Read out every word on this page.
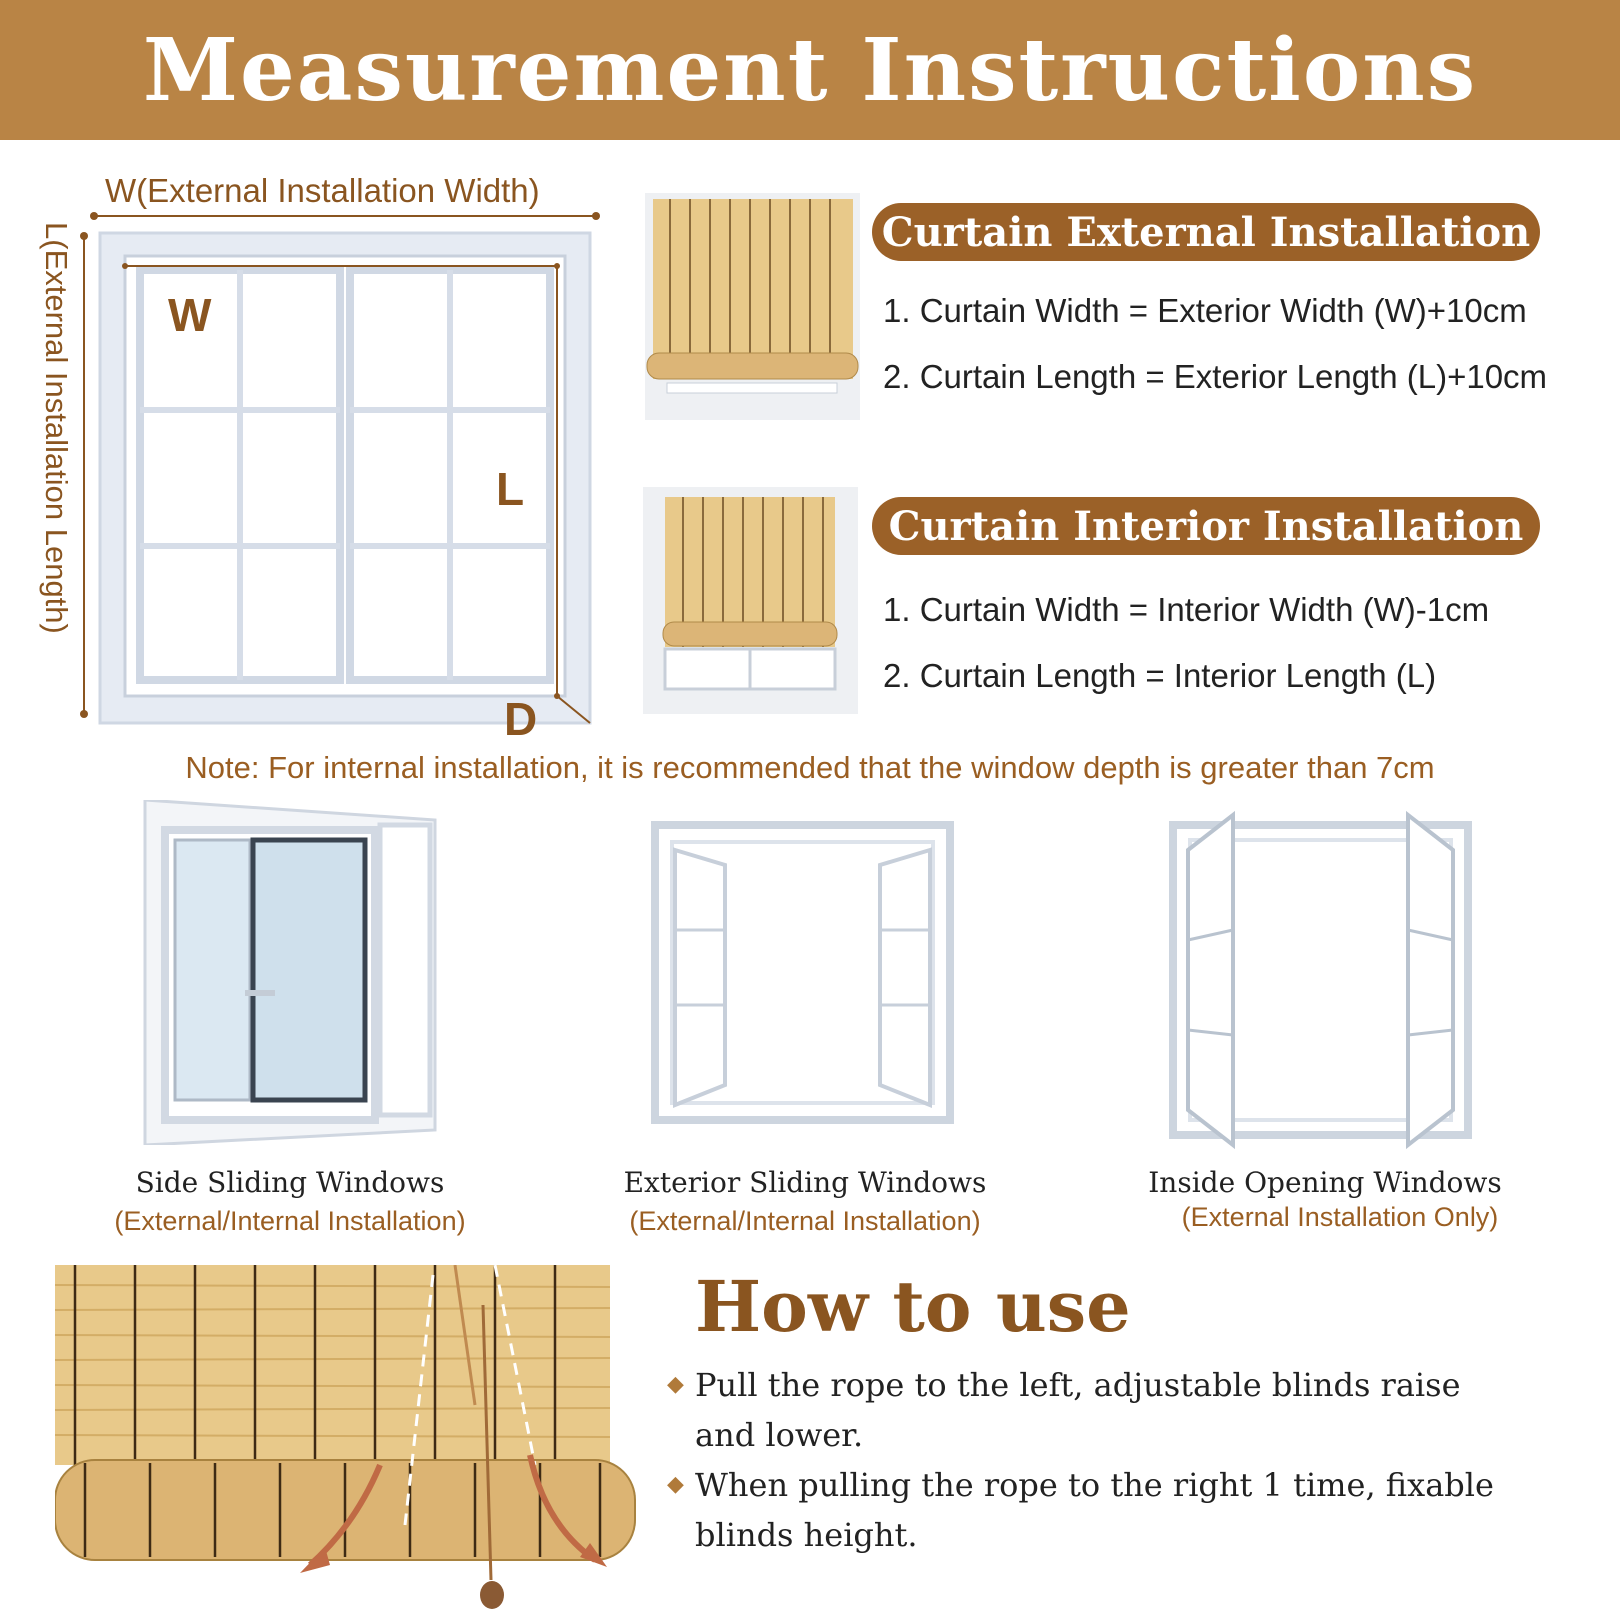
Measurement Instructions
W(External Installation Width)
L(External Installation Length) W
L
D
Curtain External Installation
1. Curtain Width = Exterior Width (W)+10cm
2. Curtain Length = Exterior Length (L)+10cm
Curtain Interior Installation
1. Curtain Width = Interior Width (W)-1cm
2. Curtain Length = Interior Length (L)
Note: For internal installation, it is recommended that the window depth is greater than 7cm
Side Sliding Windows
(External/Internal Installation)
Exterior Sliding Windows
(External/Internal Installation)
Inside Opening Windows
(External Installation Only)
How to use
◆ Pull the rope to the left, adjustable blinds raise and lower.
◆ When pulling the rope to the right 1 time, fixable blinds height.
